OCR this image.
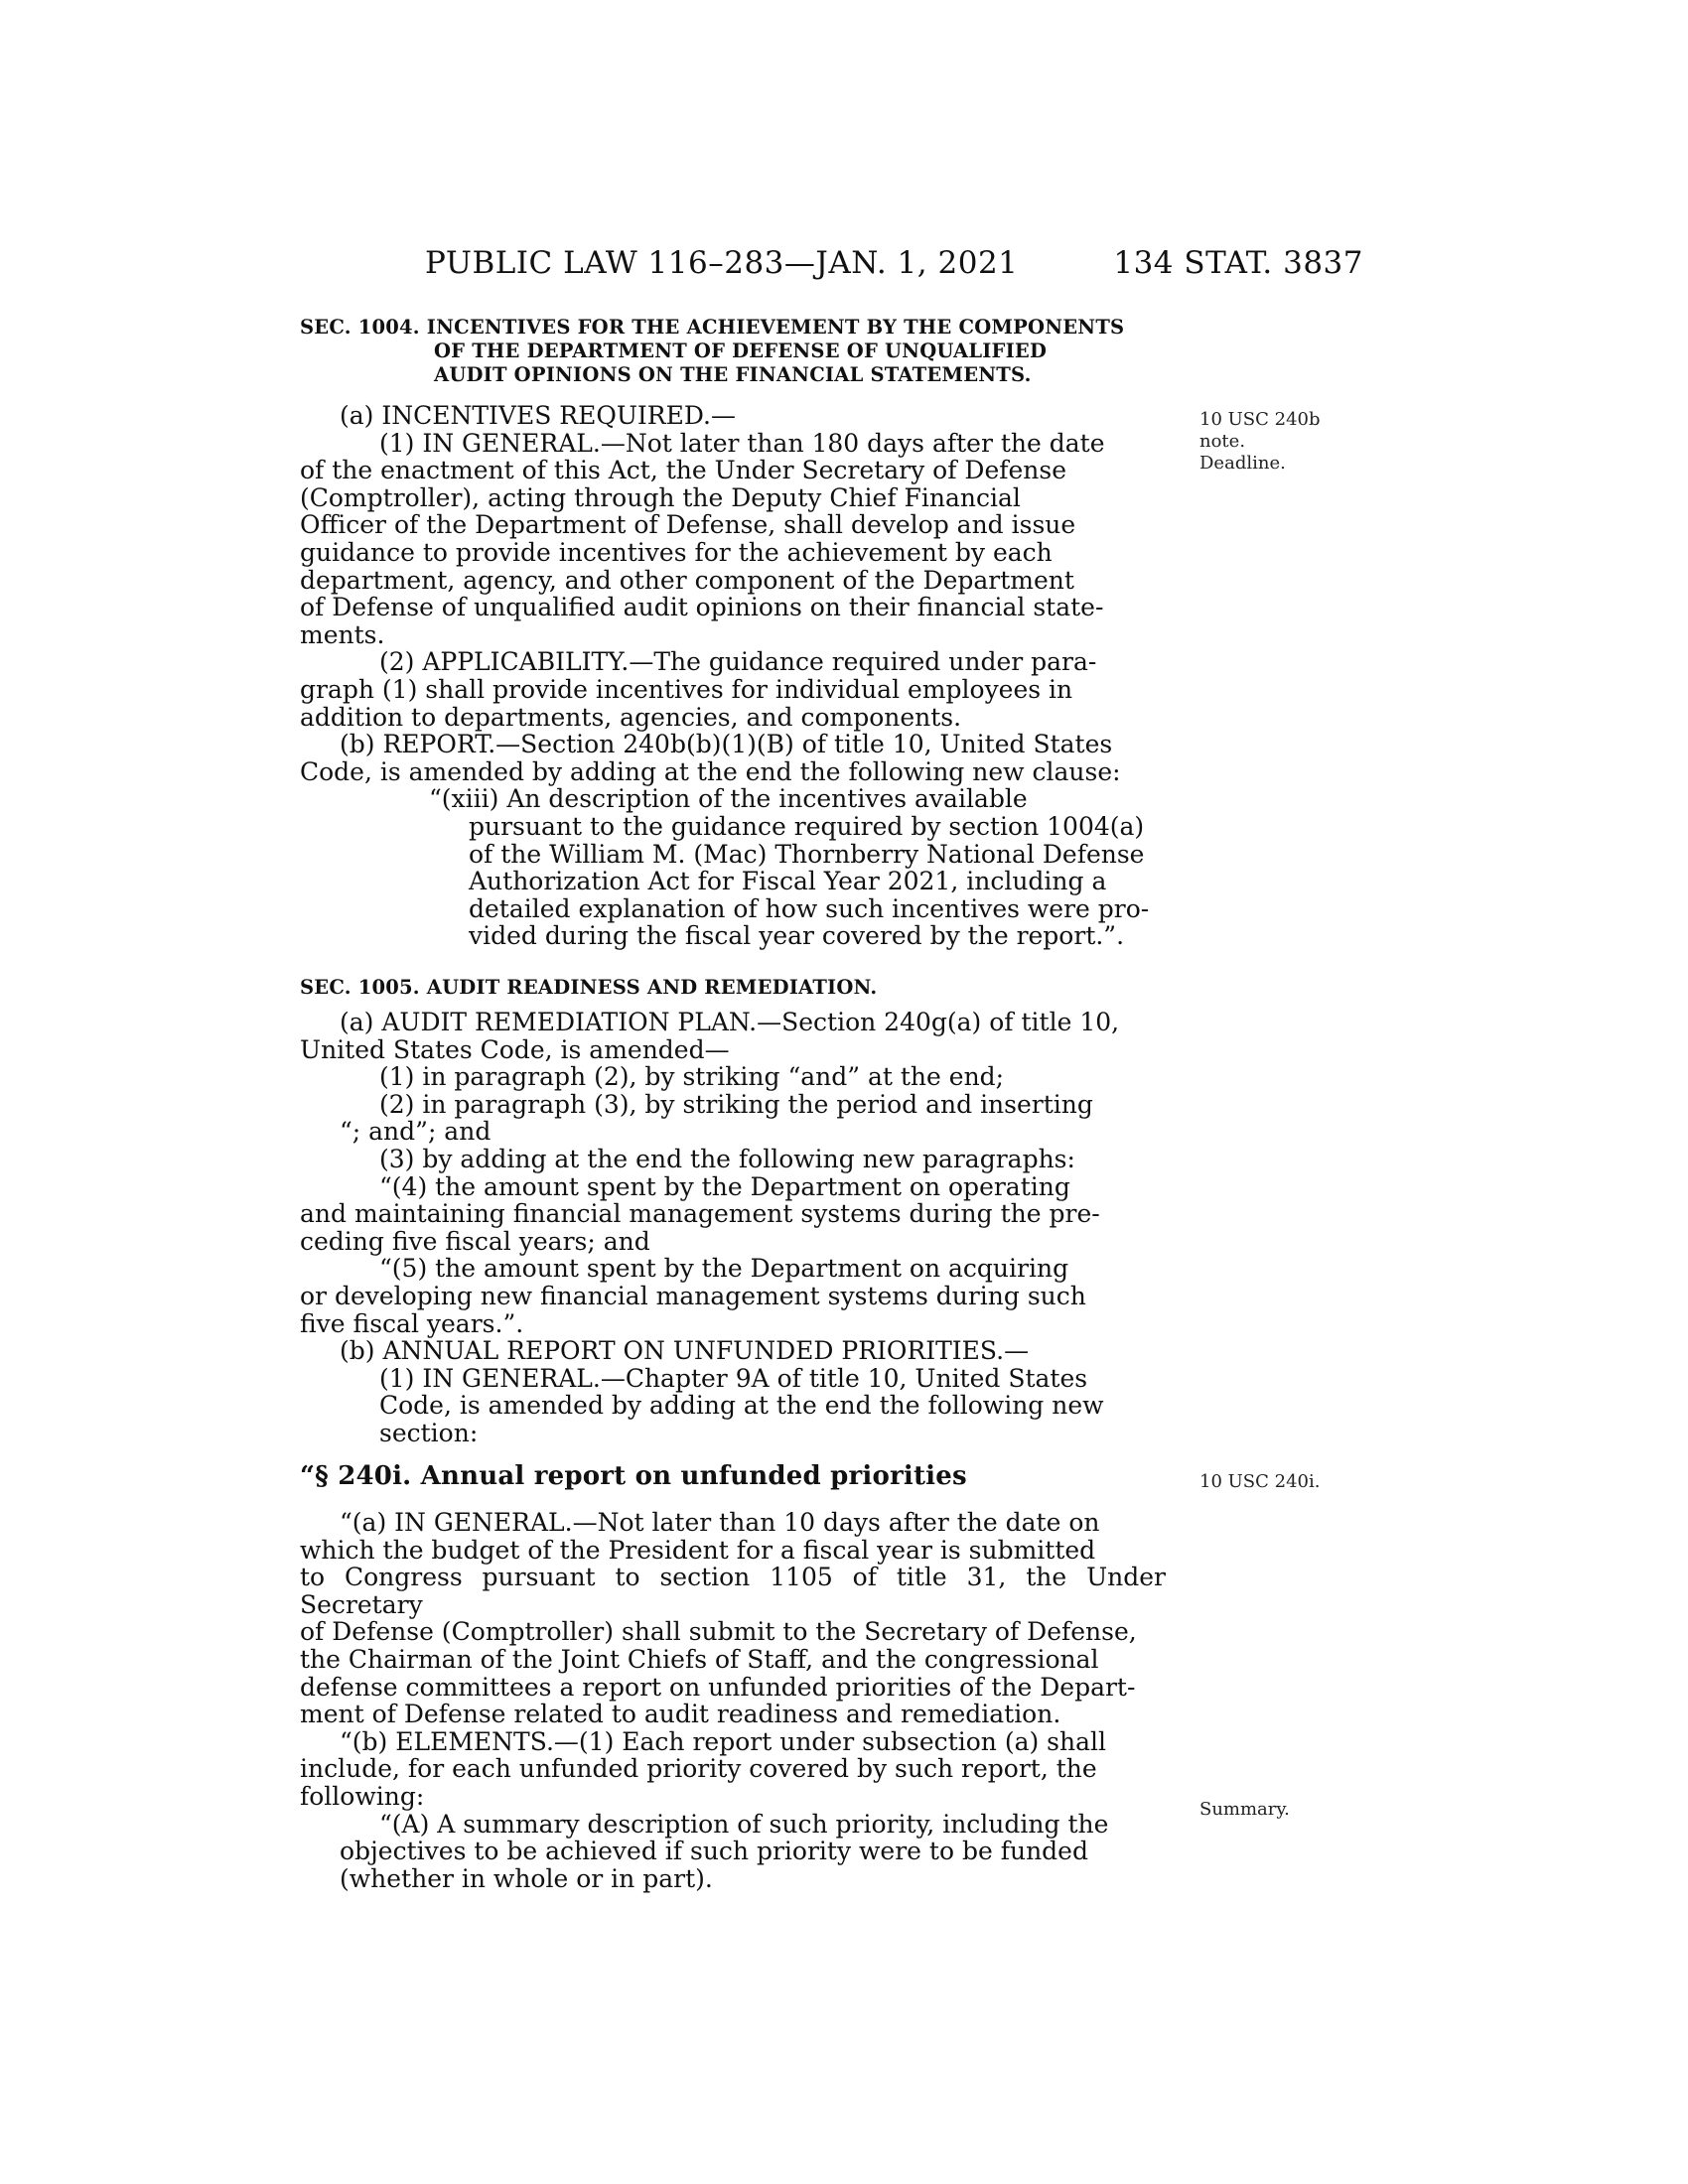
PUBLIC LAW 116–283—JAN. 1, 2021	134 STAT. 3837
SEC. 1004. INCENTIVES FOR THE ACHIEVEMENT BY THE COMPONENTS
OF THE DEPARTMENT OF DEFENSE OF UNQUALIFIED
AUDIT OPINIONS ON THE FINANCIAL STATEMENTS.
(a) INCENTIVES REQUIRED.—
(1) IN GENERAL.—Not later than 180 days after the date
of the enactment of this Act, the Under Secretary of Defense
(Comptroller), acting through the Deputy Chief Financial
Officer of the Department of Defense, shall develop and issue
guidance to provide incentives for the achievement by each
department, agency, and other component of the Department
of Defense of unqualified audit opinions on their financial state-
ments.
(2) APPLICABILITY.—The guidance required under para-
graph (1) shall provide incentives for individual employees in
addition to departments, agencies, and components.
(b) REPORT.—Section 240b(b)(1)(B) of title 10, United States
Code, is amended by adding at the end the following new clause:
“(xiii) An description of the incentives available
pursuant to the guidance required by section 1004(a)
of the William M. (Mac) Thornberry National Defense
Authorization Act for Fiscal Year 2021, including a
detailed explanation of how such incentives were pro-
vided during the fiscal year covered by the report.”.
SEC. 1005. AUDIT READINESS AND REMEDIATION.
(a) AUDIT REMEDIATION PLAN.—Section 240g(a) of title 10,
United States Code, is amended—
(1) in paragraph (2), by striking “and” at the end;
(2) in paragraph (3), by striking the period and inserting
“; and”; and
(3) by adding at the end the following new paragraphs:
“(4) the amount spent by the Department on operating
and maintaining financial management systems during the pre-
ceding five fiscal years; and
“(5) the amount spent by the Department on acquiring
or developing new financial management systems during such
five fiscal years.”.
(b) ANNUAL REPORT ON UNFUNDED PRIORITIES.—
(1) IN GENERAL.—Chapter 9A of title 10, United States
Code, is amended by adding at the end the following new
section:
“§ 240i. Annual report on unfunded priorities
“(a) IN GENERAL.—Not later than 10 days after the date on
which the budget of the President for a fiscal year is submitted
to Congress pursuant to section 1105 of title 31, the Under Secretary
of Defense (Comptroller) shall submit to the Secretary of Defense,
the Chairman of the Joint Chiefs of Staff, and the congressional
defense committees a report on unfunded priorities of the Depart-
ment of Defense related to audit readiness and remediation.
“(b) ELEMENTS.—(1) Each report under subsection (a) shall
include, for each unfunded priority covered by such report, the
following:
“(A) A summary description of such priority, including the
objectives to be achieved if such priority were to be funded
(whether in whole or in part).
10 USC 240b
note.
Deadline.
10 USC 240i.
Summary.
